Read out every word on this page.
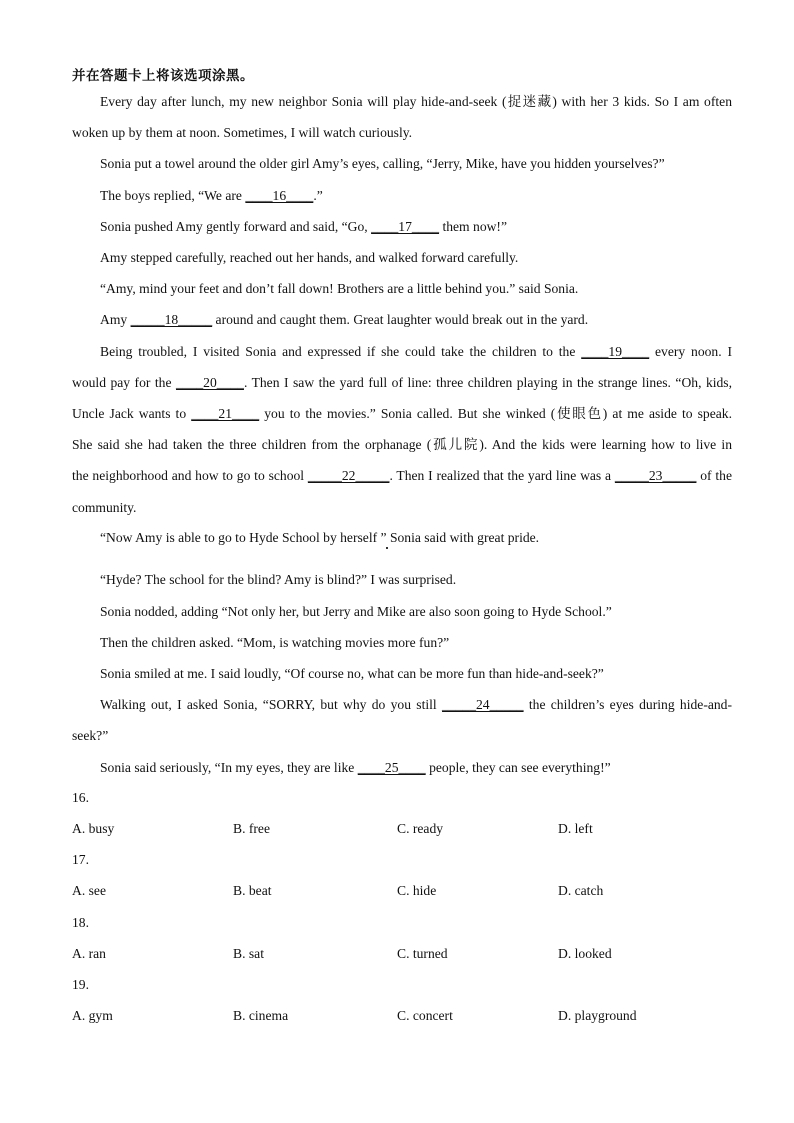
并在答题卡上将该选项涂黑。
Every day after lunch, my new neighbor Sonia will play hide-and-seek (捉迷藏) with her 3 kids. So I am often
woken up by them at noon. Sometimes, I will watch curiously.
Sonia put a towel around the older girl Amy’s eyes, calling, “Jerry, Mike, have you hidden yourselves?”
The boys replied, “We are ____16____.”
Sonia pushed Amy gently forward and said, “Go, ____17____ them now!”
Amy stepped carefully, reached out her hands, and walked forward carefully.
“Amy, mind your feet and don’t fall down! Brothers are a little behind you.” said Sonia.
Amy _____18_____ around and caught them. Great laughter would break out in the yard.
Being troubled, I visited Sonia and expressed if she could take the children to the ____19____ every noon. I
would pay for the ____20____. Then I saw the yard full of line: three children playing in the strange lines. “Oh, kids,
Uncle Jack wants to ____21____ you to the movies.” Sonia called. But she winked (使眼色) at me aside to speak.
She said she had taken the three children from the orphanage (孤儿院). And the kids were learning how to live in
the neighborhood and how to go to school _____22_____. Then I realized that the yard line was a _____23_____ of the
community.
“Now Amy is able to go to Hyde School by herself ” Sonia said with great pride.
“Hyde? The school for the blind? Amy is blind?” I was surprised.
Sonia nodded, adding “Not only her, but Jerry and Mike are also soon going to Hyde School.”
Then the children asked. “Mom, is watching movies more fun?”
Sonia smiled at me. I said loudly, “Of course no, what can be more fun than hide-and-seek?”
Walking out, I asked Sonia, “SORRY, but why do you still _____24_____ the children’s eyes during hide-and-
seek?”
Sonia said seriously, “In my eyes, they are like ____25____ people, they can see everything!”
16.
A. busy	B. free	C. ready	D. left
17.
A. see	B. beat	C. hide	D. catch
18.
A. ran	B. sat	C. turned	D. looked
19.
A. gym	B. cinema	C. concert	D. playground
